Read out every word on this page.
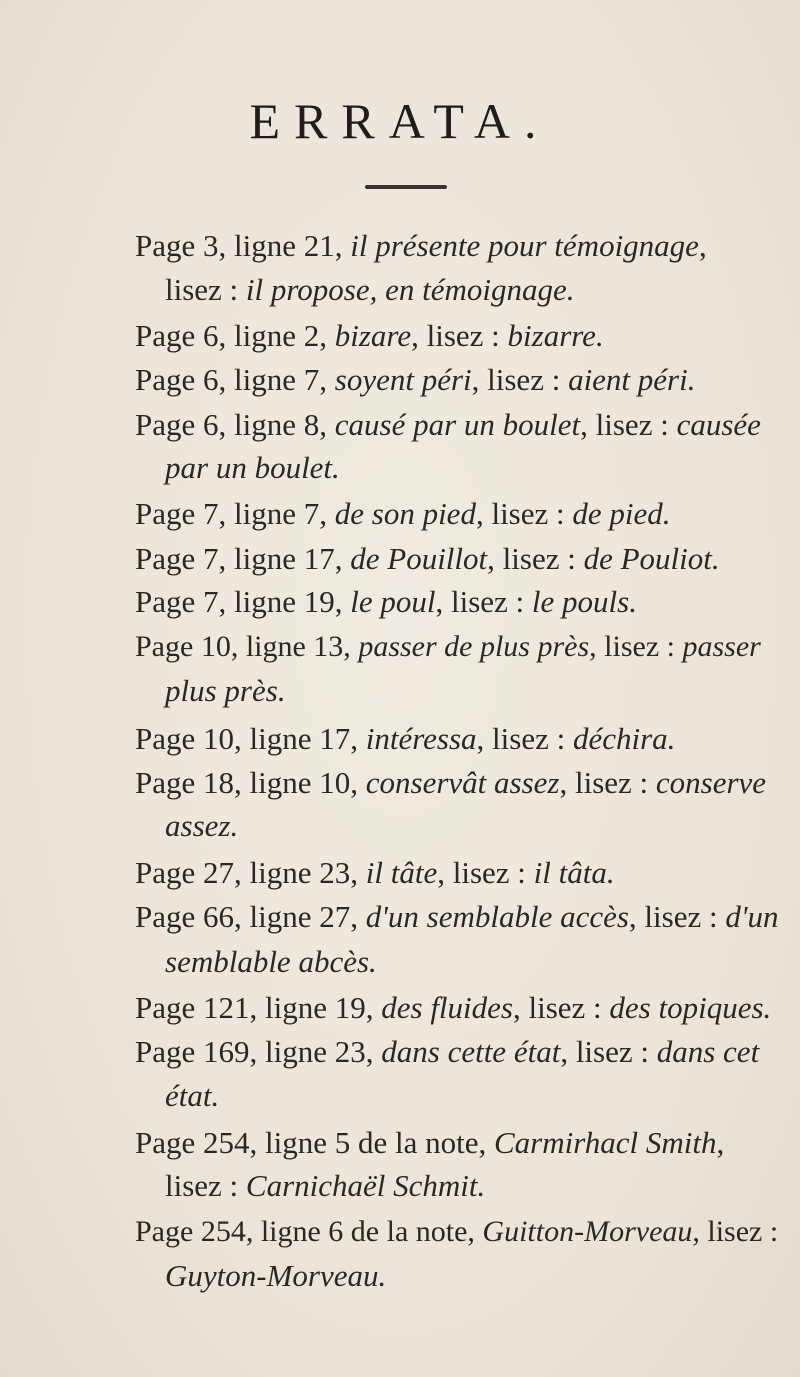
ERRATA.
Page 3, ligne 21, il présente pour témoignage,
lisez : il propose, en témoignage.
Page 6, ligne 2, bizare, lisez : bizarre.
Page 6, ligne 7, soyent péri, lisez : aient péri.
Page 6, ligne 8, causé par un boulet, lisez : causée
par un boulet.
Page 7, ligne 7, de son pied, lisez : de pied.
Page 7, ligne 17, de Pouillot, lisez : de Pouliot.
Page 7, ligne 19, le poul, lisez : le pouls.
Page 10, ligne 13, passer de plus près, lisez : passer
plus près.
Page 10, ligne 17, intéressa, lisez : déchira.
Page 18, ligne 10, conservât assez, lisez : conserve
assez.
Page 27, ligne 23, il tâte, lisez : il tâta.
Page 66, ligne 27, d'un semblable accès, lisez : d'un
semblable abcès.
Page 121, ligne 19, des fluides, lisez : des topiques.
Page 169, ligne 23, dans cette état, lisez : dans cet
état.
Page 254, ligne 5 de la note, Carmirhacl Smith,
lisez : Carnichaël Schmit.
Page 254, ligne 6 de la note, Guitton-Morveau, lisez :
Guyton-Morveau.
